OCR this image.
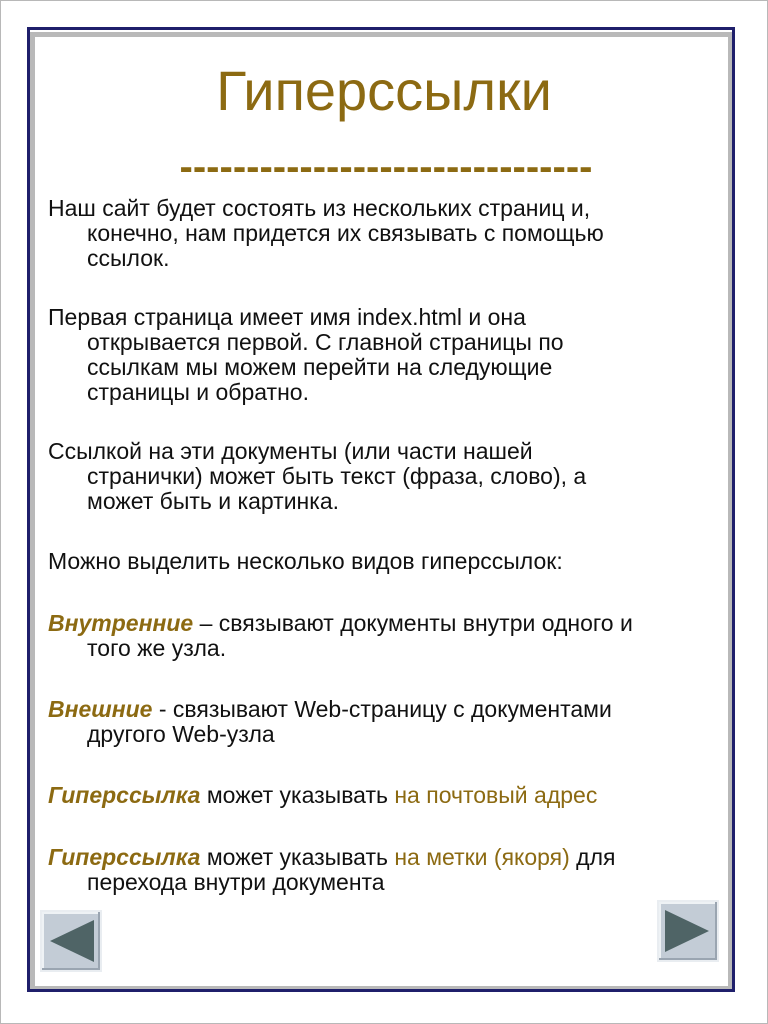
Гиперссылки
-------------------------------

Наш сайт будет состоять из нескольких страниц и,
конечно, нам придется их связывать с помощью
ссылок.

Первая страница имеет имя index.html и она
открывается первой. С главной страницы по
ссылкам мы можем перейти на следующие
страницы и обратно.

Ссылкой на эти документы (или части нашей
странички) может быть текст (фраза, слово), а
может быть и картинка.

Можно выделить несколько видов гиперссылок:

Внутренние – связывают документы внутри одного и
того же узла.

Внешние - связывают Web-страницу с документами
другого Web-узла

Гиперссылка может указывать на почтовый адрес

Гиперссылка может указывать на метки (якоря) для
перехода внутри документа
